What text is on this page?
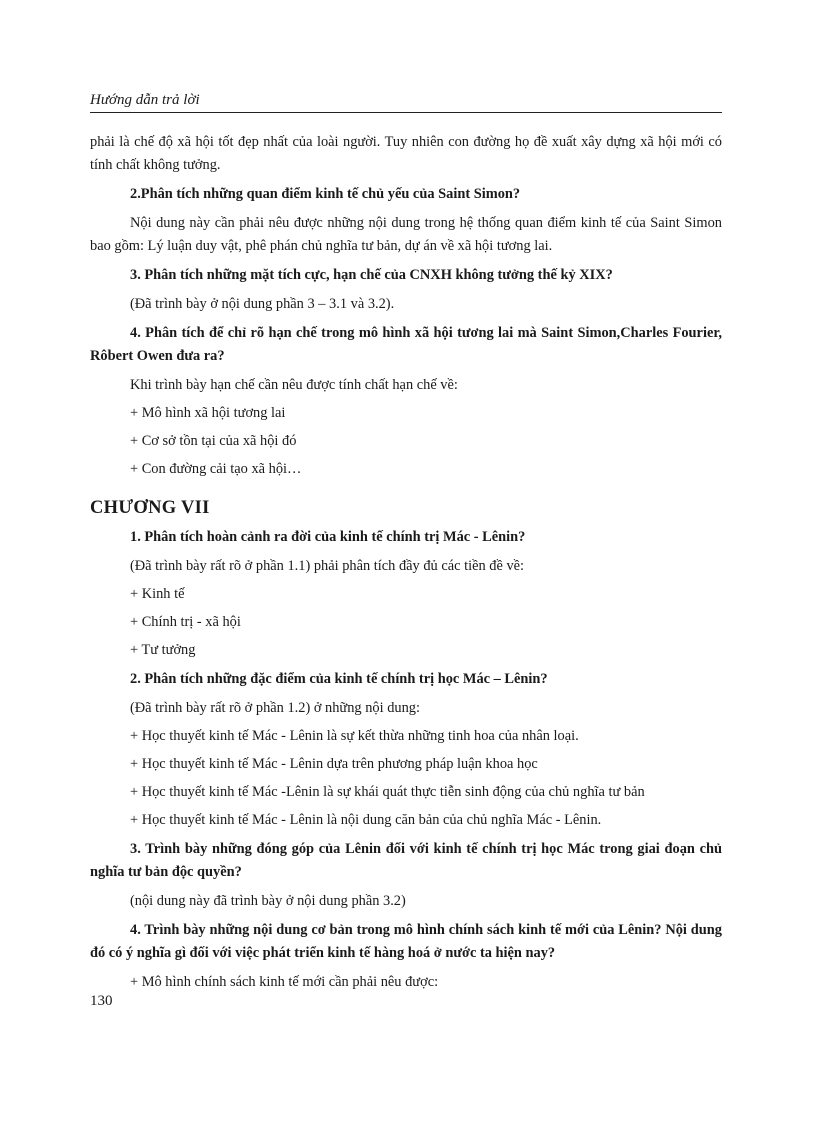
Hướng dẫn trả lời

phải là chế độ xã hội tốt đẹp nhất của loài người. Tuy nhiên con đường họ đề xuất xây dựng xã hội mới có tính chất không tưởng.

2.Phân tích những quan điểm kinh tế chủ yếu của Saint Simon?

Nội dung này cần phải nêu được những nội dung trong hệ thống quan điểm kinh tế của Saint Simon bao gồm: Lý luận duy vật, phê phán chủ nghĩa tư bản, dự án về xã hội tương lai.

3. Phân tích những mặt tích cực, hạn chế của CNXH không tưởng thế kỷ XIX?

(Đã trình bày ở nội dung phần 3 – 3.1 và 3.2).

4. Phân tích để chỉ rõ hạn chế trong mô hình xã hội tương lai mà Saint Simon,Charles Fourier, Rôbert Owen đưa ra?

Khi trình bày hạn chế cần nêu được tính chất hạn chế về:

+ Mô hình xã hội tương lai

+ Cơ sở tồn tại của xã hội đó

+ Con đường cải tạo xã hội…

CHƯƠNG VII

1. Phân tích hoàn cảnh ra đời của kinh tế chính trị Mác - Lênin?

(Đã trình bày rất rõ ở phần 1.1) phải phân tích đầy đủ các tiền đề về:

+ Kinh tế

+ Chính trị - xã hội

+ Tư tưởng

2. Phân tích những đặc điểm của kinh tế chính trị học Mác – Lênin?

(Đã trình bày rất rõ ở phần 1.2) ở những nội dung:

+ Học thuyết kinh tế Mác - Lênin là sự kết thừa những tinh hoa của nhân loại.

+ Học thuyết kinh tế Mác - Lênin dựa trên phương pháp luận khoa học

+ Học thuyết kinh tế Mác -Lênin là sự khái quát thực tiễn sinh động của chủ nghĩa tư bản

+ Học thuyết kinh tế Mác - Lênin là nội dung căn bản của chủ nghĩa Mác - Lênin.

3. Trình bày những đóng góp của Lênin đối với kinh tế chính trị học Mác trong giai đoạn chủ nghĩa tư bản độc quyền?

(nội dung này đã trình bày ở nội dung phần 3.2)

4. Trình bày những nội dung cơ bản trong mô hình chính sách kinh tế mới của Lênin? Nội dung đó có ý nghĩa gì đối với việc phát triển kinh tế hàng hoá ở nước ta hiện nay?

+ Mô hình chính sách kinh tế mới cần phải nêu được:

130
